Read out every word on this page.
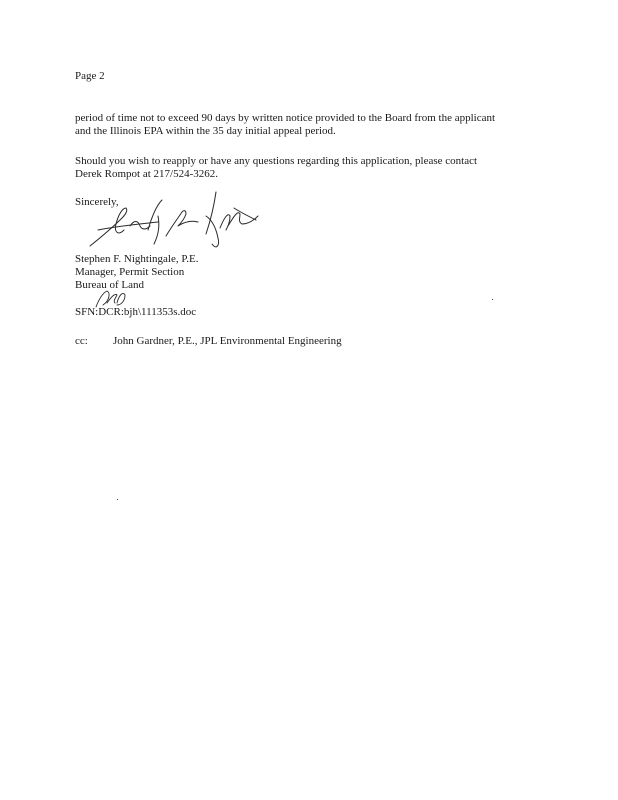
Page 2
period of time not to exceed 90 days by written notice provided to the Board from the applicant
and the Illinois EPA within the 35 day initial appeal period.
Should you wish to reapply or have any questions regarding this application, please contact
Derek Rompot at 217/524-3262.
Sincerely,
Stephen F. Nightingale, P.E.
Manager, Permit Section
Bureau of Land
SFN:DCR:bjh\111353s.doc
cc: John Gardner, P.E., JPL Environmental Engineering
